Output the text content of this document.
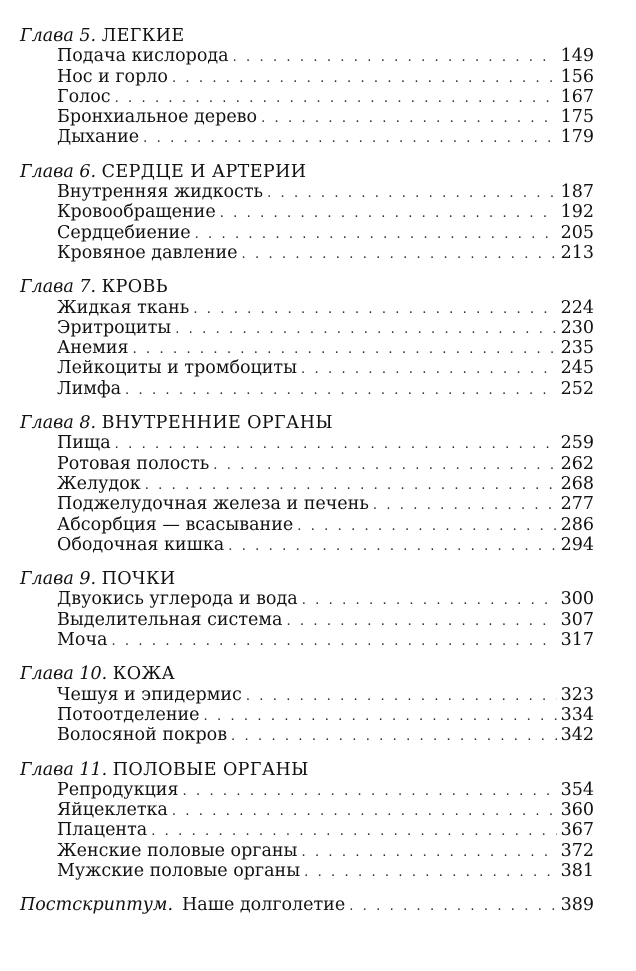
Глава 5. ЛЕГКИЕ
Подача кислорода . . .	149
Нос и горло . . .	156
Голос . . .	167
Бронхиальное дерево . . .	175
Дыхание . . .	179
Глава 6. СЕРДЦЕ И АРТЕРИИ
Внутренняя жидкость . . .	187
Кровообращение . . .	192
Сердцебиение . . .	205
Кровяное давление . . .	213
Глава 7. КРОВЬ
Жидкая ткань . . .	224
Эритроциты . . .	230
Анемия . . .	235
Лейкоциты и тромбоциты . . .	245
Лимфа . . .	252
Глава 8. ВНУТРЕННИЕ ОРГАНЫ
Пища . . .	259
Ротовая полость . . .	262
Желудок . . .	268
Поджелудочная железа и печень . . .	277
Абсорбция — всасывание . . .	286
Ободочная кишка . . .	294
Глава 9. ПОЧКИ
Двуокись углерода и вода . . .	300
Выделительная система . . .	307
Моча . . .	317
Глава 10. КОЖА
Чешуя и эпидермис . . .	323
Потоотделение . . .	334
Волосяной покров . . .	342
Глава 11. ПОЛОВЫЕ ОРГАНЫ
Репродукция . . .	354
Яйцеклетка . . .	360
Плацента . . .	367
Женские половые органы . . .	372
Мужские половые органы . . .	381
Постскриптум. Наше долголетие . . .	389
